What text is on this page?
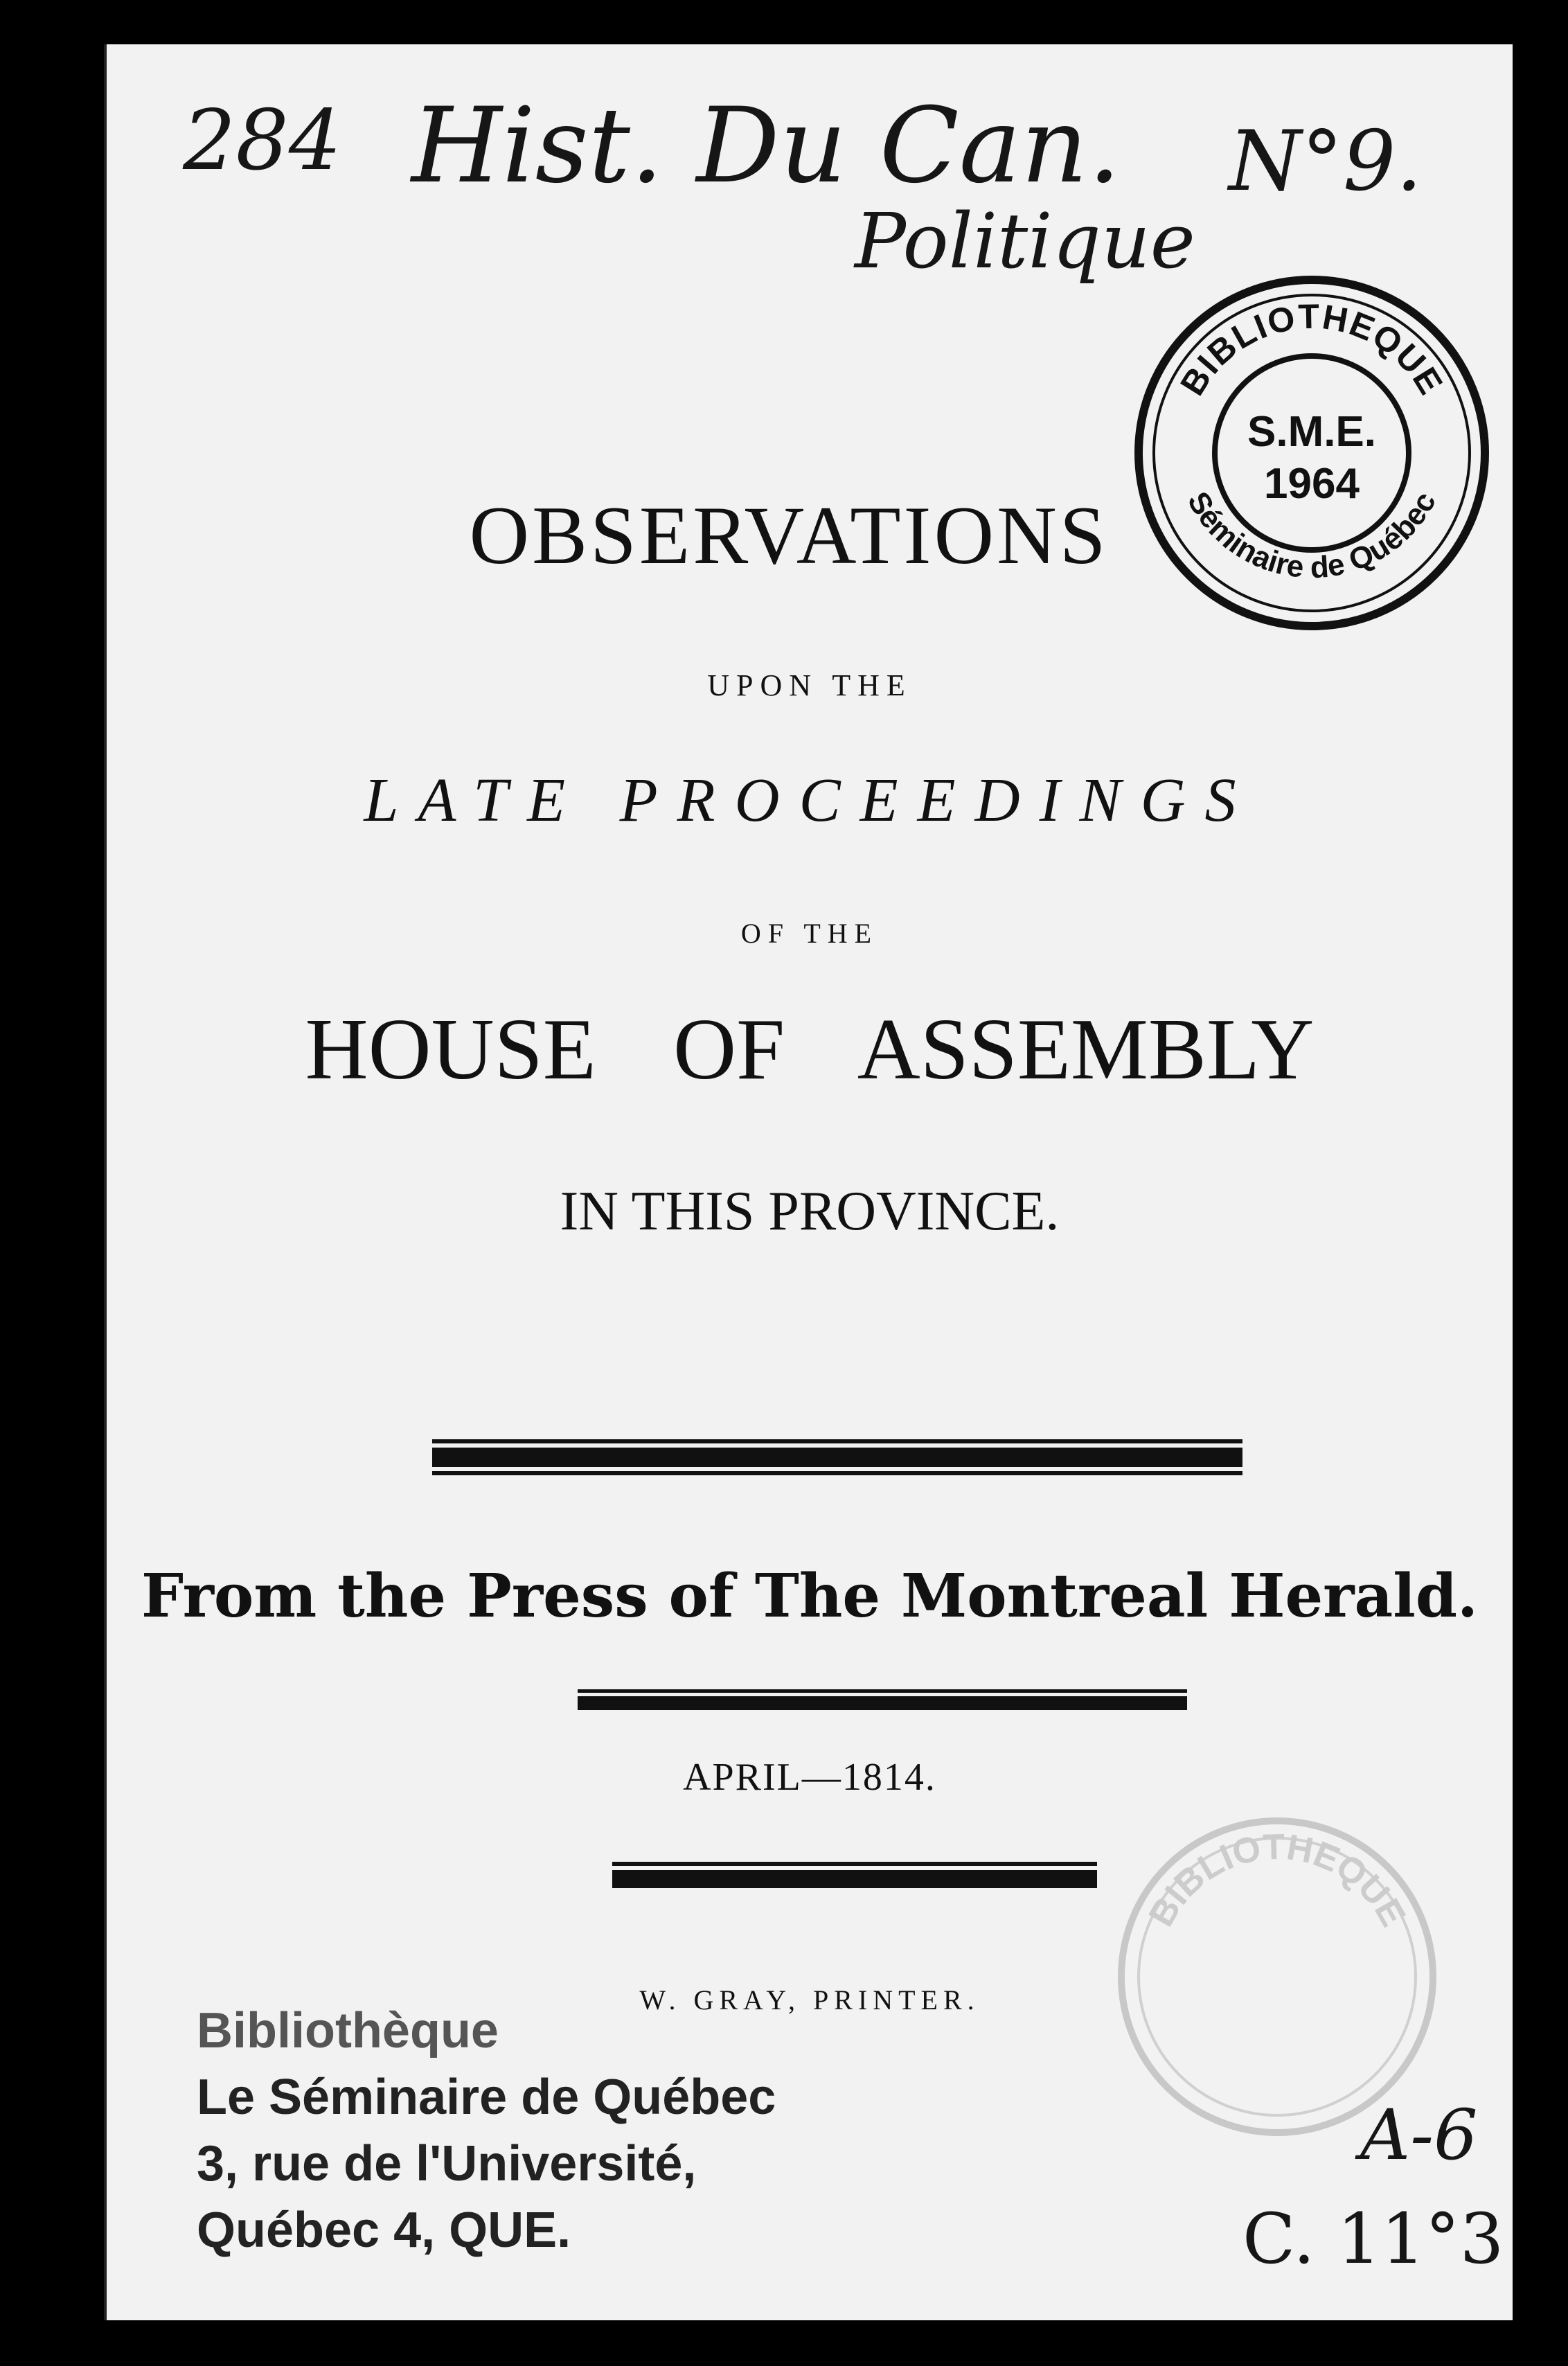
284 Hist. Du Can.
Politique
N°9.
BIBLIOTHEQUE
Séminaire de Québec
S.M.E.
1964
OBSERVATIONS
UPON THE
LATE PROCEEDINGS
OF THE
HOUSE OF ASSEMBLY
IN THIS PROVINCE.
From the Press of The Montreal Herald.
APRIL—1814.
W. GRAY, PRINTER.
BIBLIOTHEQUE
Bibliothèque
Le Séminaire de Québec
3, rue de l'Université,
Québec 4, QUE.
A-6
C. 11°3
